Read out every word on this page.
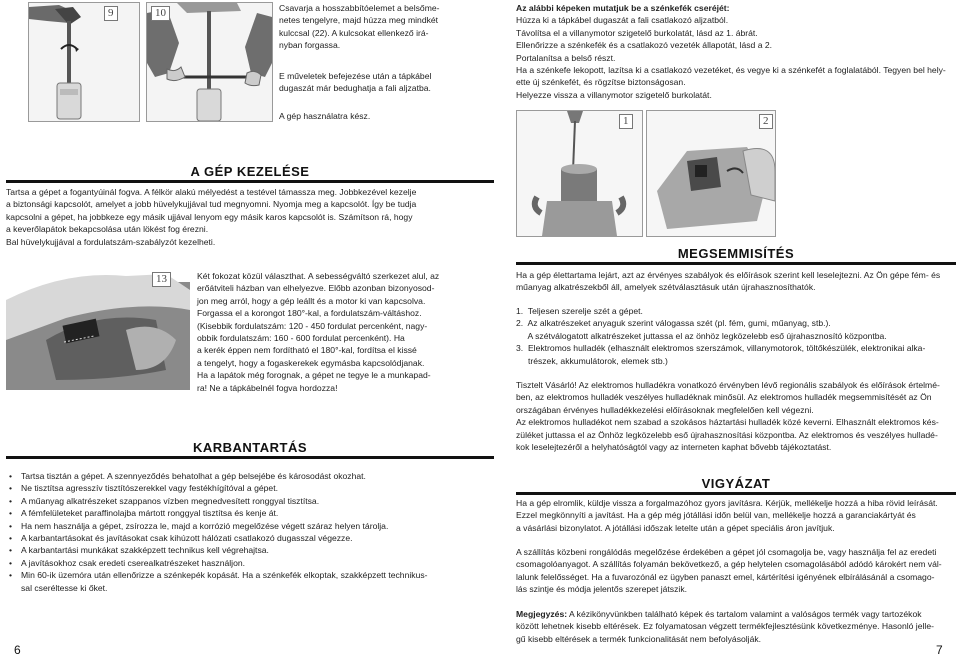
9	10	Csavarja a hosszabbítóelemet a belsőme-

netes tengelyre, majd húzza meg mindkét

kulccsal (22). A kulcsokat ellenkező irá-

nyban forgassa.

E műveletek befejezése után a tápkábel

dugaszát már bedughatja a fali aljzatba.

A gép használatra kész.
A GÉP KEZELÉSE

Tartsa a gépet a fogantyúinál fogva. A félkör alakú mélyedést a testével támassza meg. Jobbkezével kezelje

a biztonsági kapcsolót, amelyet a jobb hüvelykujjával tud megnyomni. Nyomja meg a kapcsolót. Így be tudja

kapcsolni a gépet, ha jobbkeze egy másik ujjával lenyom egy másik karos kapcsolót is. Számítson rá, hogy

a keverőlapátok bekapcsolása után lökést fog érezni.

Bal hüvelykujjával a fordulatszám-szabályzót kezelheti.

13	Két fokozat közül választhat. A sebességváltó szerkezet alul, az

erőátviteli házban van elhelyezve. Előbb azonban bizonyosod-

jon meg arról, hogy a gép leállt és a motor ki van kapcsolva.

Forgassa el a korongot 180°-kal, a fordulatszám-váltáshoz.

(Kisebbik fordulatszám: 120 - 450 fordulat percenként, nagy-

obbik fordulatszám: 160 - 600 fordulat percenként). Ha

a kerék éppen nem fordítható el 180°-kal, fordítsa el kissé

a tengelyt, hogy a fogaskerekek egymásba kapcsolódjanak.

Ha a lapátok még forognak, a gépet ne tegye le a munkapad-

ra! Ne a tápkábelnél fogva hordozza!

KARBANTARTÁS
• Tartsa tisztán a gépet. A szennyeződés behatolhat a gép belsejébe és károsodást okozhat.
• Ne tisztítsa agresszív tisztítószerekkel vagy festékhígítóval a gépet.
• A műanyag alkatrészeket szappanos vízben megnedvesített ronggyal tisztítsa.
• A fémfelületeket paraffinolajba mártott ronggyal tisztítsa és kenje át.
• Ha nem használja a gépet, zsírozza le, majd a korrózió megelőzése végett száraz helyen tárolja.
• A karbantartásokat és javításokat csak kihúzott hálózati csatlakozó dugasszal végezze.
• A karbantartási munkákat szakképzett technikus kell végrehajtsa.
• A javításokhoz csak eredeti cserealkatrészeket használjon.
• Min 60-ik üzemóra után ellenőrizze a szénkepék kopását. Ha a szénkefék elkoptak, szakképzett technikus-
sal cseréltesse ki őket.
6

Az alábbi képeken mutatjuk be a szénkefék cseréjét:

Húzza ki a tápkábel dugaszát a fali csatlakozó aljzatból.

Távolítsa el a villanymotor szigetelő burkolatát, lásd az 1. ábrát.

Ellenőrizze a szénkefék és a csatlakozó vezeték állapotát, lásd a 2.

Portalanítsa a belső részt.

Ha a szénkefe lekopott, lazítsa ki a csatlakozó vezetéket, és vegye ki a szénkefét a foglalatából. Tegyen bel hely-

ette új szénkefét, és rögzítse biztonságosan.

Helyezze vissza a villanymotor szigetelő burkolatát.

1	2
MEGSEMMISÍTÉS

Ha a gép élettartama lejárt, azt az érvényes szabályok és előírások szerint kell leselejtezni. Az Ön gépe fém- és

műanyag alkatrészekből áll, amelyek szétválasztásuk után újrahasznosíthatók.

1.  Teljesen szerelje szét a gépet.
2.  Az alkatrészeket anyaguk szerint válogassa szét (pl. fém, gumi, műanyag, stb.).
A szétválogatott alkatrészeket juttassa el az önhöz legközelebb eső újrahasznosító központba.
3.  Elektromos hulladék (elhasznált elektromos szerszámok, villanymotorok, töltőkészülék, elektronikai alka-
trészek, akkumulátorok, elemek stb.)

Tisztelt Vásárló! Az elektromos hulladékra vonatkozó érvényben lévő regionális szabályok és előírások értelmé-

ben, az elektromos hulladék veszélyes hulladéknak minősül. Az elektromos hulladék megsemmisítését az Ön

országában érvényes hulladékkezelési előírásoknak megfelelően kell végezni.

Az elektromos hulladékot nem szabad a szokásos háztartási hulladék közé keverni. Elhasznált elektromos kés-

züléket juttassa el az Önhöz legközelebb eső újrahasznosítási központba. Az elektromos és veszélyes hulladé-

kok leselejtezéről a helyhatóságtól vagy az interneten kaphat bővebb tájékoztatást.

VIGYÁZAT

Ha a gép elromlik, küldje vissza a forgalmazóhoz gyors javításra. Kérjük, mellékelje hozzá a hiba rövid leírását.

Ezzel megkönnyíti a javítást. Ha a gép még jótállási időn belül van, mellékelje hozzá a garanciakártyát és

a vásárlási bizonylatot. A jótállási időszak letelte után a gépet speciális áron javítjuk.

A szállítás közbeni rongálódás megelőzése érdekében a gépet jól csomagolja be, vagy használja fel az eredeti

csomagolóanyagot. A szállítás folyamán bekövetkező, a gép helytelen csomagolásából adódó károkért nem vál-

lalunk felelősséget. Ha a fuvarozónál ez ügyben panaszt emel, kártérítési igényének elbírálásánál a csomago-

lás szintje és módja jelentős szerepet játszik.

Megjegyzés: A kézikönyvünkben található képek és tartalom valamint a valóságos termék vagy tartozékok

között lehetnek kisebb eltérések. Ez folyamatosan végzett termékfejlesztésünk következménye. Hasonló jelle-

gű kisebb eltérések a termék funkcionalitását nem befolyásolják.

7
